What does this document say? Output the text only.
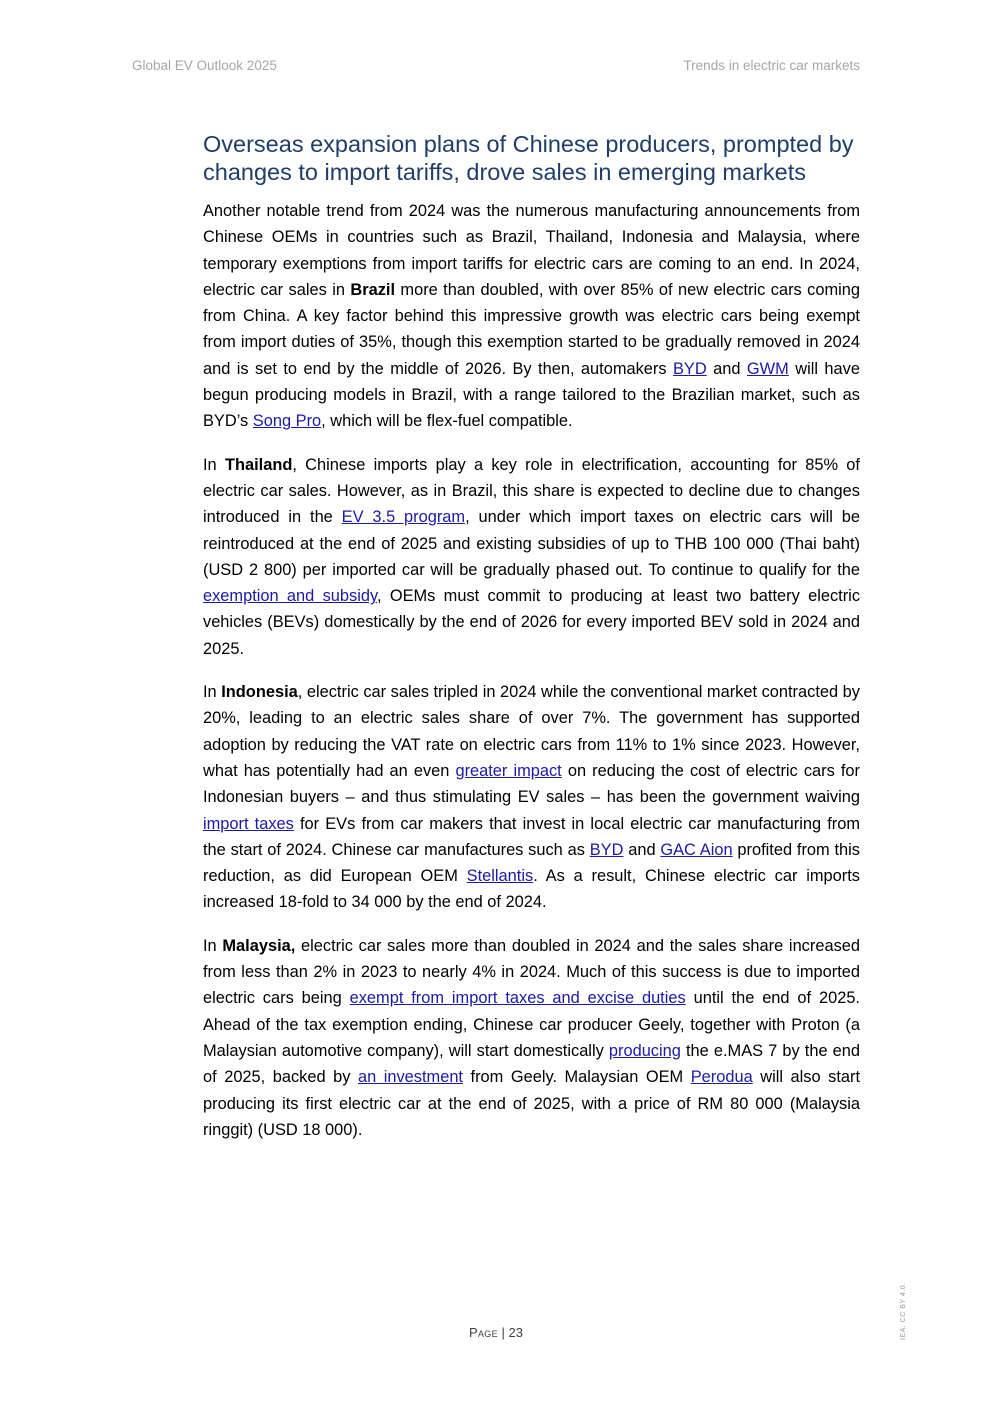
Global EV Outlook 2025	Trends in electric car markets
Overseas expansion plans of Chinese producers, prompted by changes to import tariffs, drove sales in emerging markets

Another notable trend from 2024 was the numerous manufacturing announcements from Chinese OEMs in countries such as Brazil, Thailand, Indonesia and Malaysia, where temporary exemptions from import tariffs for electric cars are coming to an end. In 2024, electric car sales in Brazil more than doubled, with over 85% of new electric cars coming from China. A key factor behind this impressive growth was electric cars being exempt from import duties of 35%, though this exemption started to be gradually removed in 2024 and is set to end by the middle of 2026. By then, automakers BYD and GWM will have begun producing models in Brazil, with a range tailored to the Brazilian market, such as BYD’s Song Pro, which will be flex-fuel compatible.

In Thailand, Chinese imports play a key role in electrification, accounting for 85% of electric car sales. However, as in Brazil, this share is expected to decline due to changes introduced in the EV 3.5 program, under which import taxes on electric cars will be reintroduced at the end of 2025 and existing subsidies of up to THB 100 000 (Thai baht) (USD 2 800) per imported car will be gradually phased out. To continue to qualify for the exemption and subsidy, OEMs must commit to producing at least two battery electric vehicles (BEVs) domestically by the end of 2026 for every imported BEV sold in 2024 and 2025.

In Indonesia, electric car sales tripled in 2024 while the conventional market contracted by 20%, leading to an electric sales share of over 7%. The government has supported adoption by reducing the VAT rate on electric cars from 11% to 1% since 2023. However, what has potentially had an even greater impact on reducing the cost of electric cars for Indonesian buyers – and thus stimulating EV sales – has been the government waiving import taxes for EVs from car makers that invest in local electric car manufacturing from the start of 2024. Chinese car manufactures such as BYD and GAC Aion profited from this reduction, as did European OEM Stellantis. As a result, Chinese electric car imports increased 18-fold to 34 000 by the end of 2024.

In Malaysia, electric car sales more than doubled in 2024 and the sales share increased from less than 2% in 2023 to nearly 4% in 2024. Much of this success is due to imported electric cars being exempt from import taxes and excise duties until the end of 2025. Ahead of the tax exemption ending, Chinese car producer Geely, together with Proton (a Malaysian automotive company), will start domestically producing the e.MAS 7 by the end of 2025, backed by an investment from Geely. Malaysian OEM Perodua will also start producing its first electric car at the end of 2025, with a price of RM 80 000 (Malaysia ringgit) (USD 18 000).

Page | 23	IEA. CC BY 4.0.
